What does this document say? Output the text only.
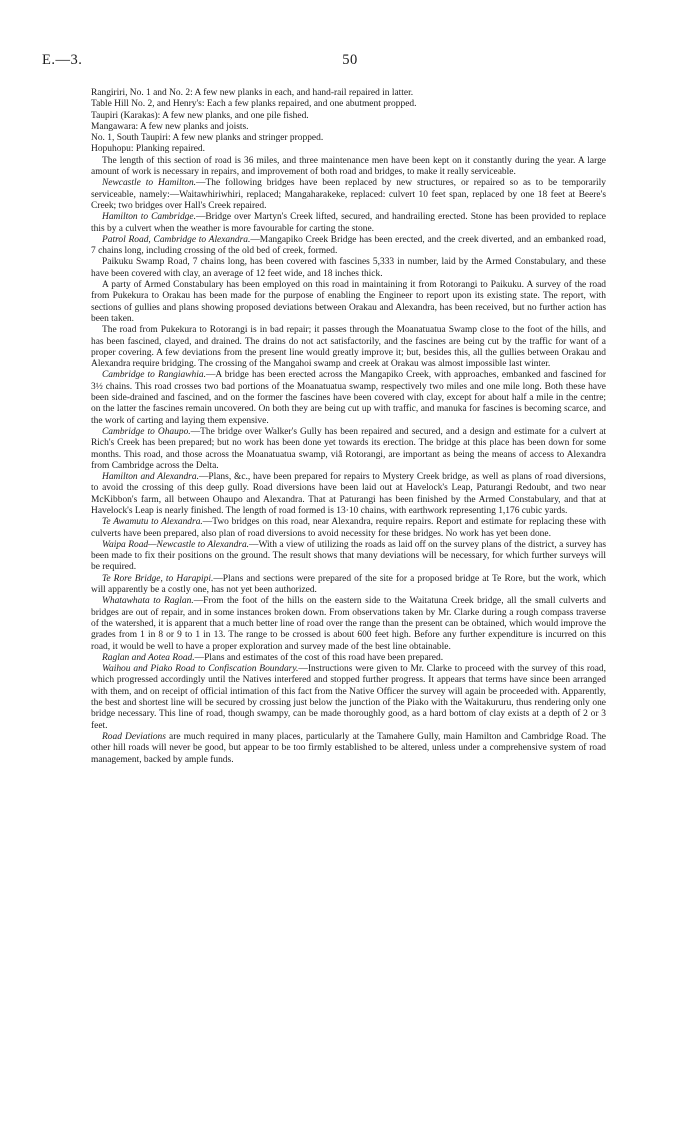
E.—3.	50

Rangiriri, No. 1 and No. 2: A few new planks in each, and hand-rail repaired in latter.

Table Hill No. 2, and Henry's: Each a few planks repaired, and one abutment propped.

Taupiri (Karakas): A few new planks, and one pile fished.

Mangawara: A few new planks and joists.

No. 1, South Taupiri: A few new planks and stringer propped.

Hopuhopu: Planking repaired.

The length of this section of road is 36 miles, and three maintenance men have been kept on it constantly during the year. A large amount of work is necessary in repairs, and improvement of both road and bridges, to make it really serviceable.

Newcastle to Hamilton.—The following bridges have been replaced by new structures, or repaired so as to be temporarily serviceable, namely:—Waitawhiriwhiri, replaced; Mangaharakeke, replaced: culvert 10 feet span, replaced by one 18 feet at Beere's Creek; two bridges over Hall's Creek repaired.

Hamilton to Cambridge.—Bridge over Martyn's Creek lifted, secured, and handrailing erected. Stone has been provided to replace this by a culvert when the weather is more favourable for carting the stone.

Patrol Road, Cambridge to Alexandra.—Mangapiko Creek Bridge has been erected, and the creek diverted, and an embanked road, 7 chains long, including crossing of the old bed of creek, formed.

Paikuku Swamp Road, 7 chains long, has been covered with fascines 5,333 in number, laid by the Armed Constabulary, and these have been covered with clay, an average of 12 feet wide, and 18 inches thick.

A party of Armed Constabulary has been employed on this road in maintaining it from Rotorangi to Paikuku. A survey of the road from Pukekura to Orakau has been made for the purpose of enabling the Engineer to report upon its existing state. The report, with sections of gullies and plans showing proposed deviations between Orakau and Alexandra, has been received, but no further action has been taken.

The road from Pukekura to Rotorangi is in bad repair; it passes through the Moanatuatua Swamp close to the foot of the hills, and has been fascined, clayed, and drained. The drains do not act satisfactorily, and the fascines are being cut by the traffic for want of a proper covering. A few deviations from the present line would greatly improve it; but, besides this, all the gullies between Orakau and Alexandra require bridging. The crossing of the Mangahoi swamp and creek at Orakau was almost impossible last winter.

Cambridge to Rangiawhia.—A bridge has been erected across the Mangapiko Creek, with approaches, embanked and fascined for 3½ chains. This road crosses two bad portions of the Moanatuatua swamp, respectively two miles and one mile long. Both these have been side-drained and fascined, and on the former the fascines have been covered with clay, except for about half a mile in the centre; on the latter the fascines remain uncovered. On both they are being cut up with traffic, and manuka for fascines is becoming scarce, and the work of carting and laying them expensive.

Cambridge to Ohaupo.—The bridge over Walker's Gully has been repaired and secured, and a design and estimate for a culvert at Rich's Creek has been prepared; but no work has been done yet towards its erection. The bridge at this place has been down for some months. This road, and those across the Moanatuatua swamp, viâ Rotorangi, are important as being the means of access to Alexandra from Cambridge across the Delta.

Hamilton and Alexandra.—Plans, &c., have been prepared for repairs to Mystery Creek bridge, as well as plans of road diversions, to avoid the crossing of this deep gully. Road diversions have been laid out at Havelock's Leap, Paturangi Redoubt, and two near McKibbon's farm, all between Ohaupo and Alexandra. That at Paturangi has been finished by the Armed Constabulary, and that at Havelock's Leap is nearly finished. The length of road formed is 13·10 chains, with earthwork representing 1,176 cubic yards.

Te Awamutu to Alexandra.—Two bridges on this road, near Alexandra, require repairs. Report and estimate for replacing these with culverts have been prepared, also plan of road diversions to avoid necessity for these bridges. No work has yet been done.

Waipa Road—Newcastle to Alexandra.—With a view of utilizing the roads as laid off on the survey plans of the district, a survey has been made to fix their positions on the ground. The result shows that many deviations will be necessary, for which further surveys will be required.

Te Rore Bridge, to Harapipi.—Plans and sections were prepared of the site for a proposed bridge at Te Rore, but the work, which will apparently be a costly one, has not yet been authorized.

Whatawhata to Raglan.—From the foot of the hills on the eastern side to the Waitatuna Creek bridge, all the small culverts and bridges are out of repair, and in some instances broken down. From observations taken by Mr. Clarke during a rough compass traverse of the watershed, it is apparent that a much better line of road over the range than the present can be obtained, which would improve the grades from 1 in 8 or 9 to 1 in 13. The range to be crossed is about 600 feet high. Before any further expenditure is incurred on this road, it would be well to have a proper exploration and survey made of the best line obtainable.

Raglan and Aotea Road.—Plans and estimates of the cost of this road have been prepared.

Waihou and Piako Road to Confiscation Boundary.—Instructions were given to Mr. Clarke to proceed with the survey of this road, which progressed accordingly until the Natives interfered and stopped further progress. It appears that terms have since been arranged with them, and on receipt of official intimation of this fact from the Native Officer the survey will again be proceeded with. Apparently, the best and shortest line will be secured by crossing just below the junction of the Piako with the Waitakururu, thus rendering only one bridge necessary. This line of road, though swampy, can be made thoroughly good, as a hard bottom of clay exists at a depth of 2 or 3 feet.

Road Deviations are much required in many places, particularly at the Tamahere Gully, main Hamilton and Cambridge Road. The other hill roads will never be good, but appear to be too firmly established to be altered, unless under a comprehensive system of road management, backed by ample funds.
